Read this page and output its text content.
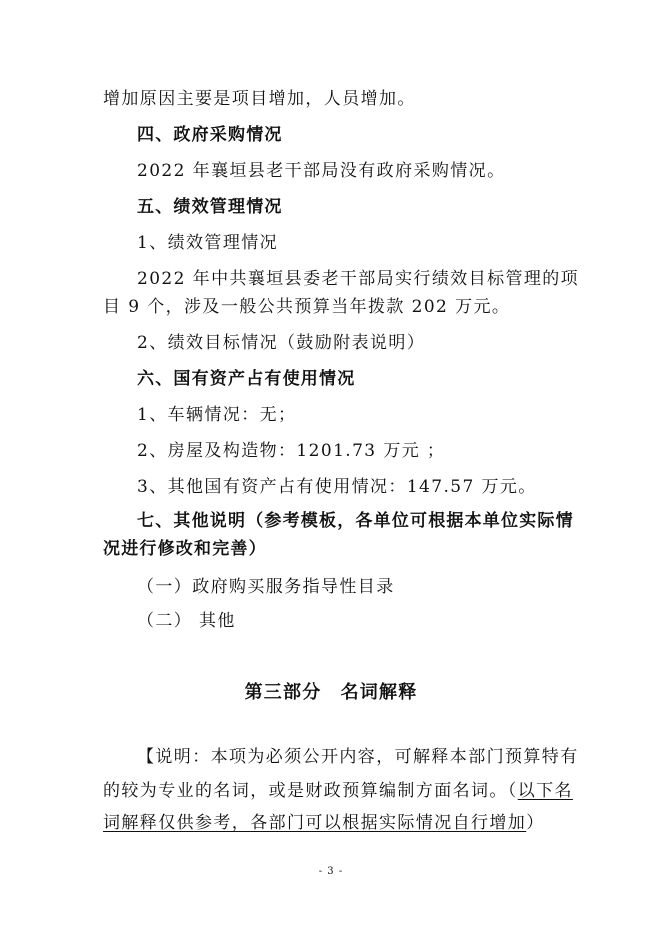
增加原因主要是项目增加，人员增加。
四、政府采购情况
2022 年襄垣县老干部局没有政府采购情况。
五、绩效管理情况
1、绩效管理情况
2022 年中共襄垣县委老干部局实行绩效目标管理的项
目 9 个，涉及一般公共预算当年拨款 202 万元。
2、绩效目标情况（鼓励附表说明）
六、国有资产占有使用情况
1、车辆情况：无；
2、房屋及构造物：1201.73 万元 ；
3、其他国有资产占有使用情况：147.57 万元。
七、其他说明（参考模板，各单位可根据本单位实际情
况进行修改和完善）
（一）政府购买服务指导性目录
（二） 其他
第三部分　名词解释
【说明：本项为必须公开内容，可解释本部门预算特有
的较为专业的名词，或是财政预算编制方面名词。（以下名
词解释仅供参考，各部门可以根据实际情况自行增加）
- 3 -
